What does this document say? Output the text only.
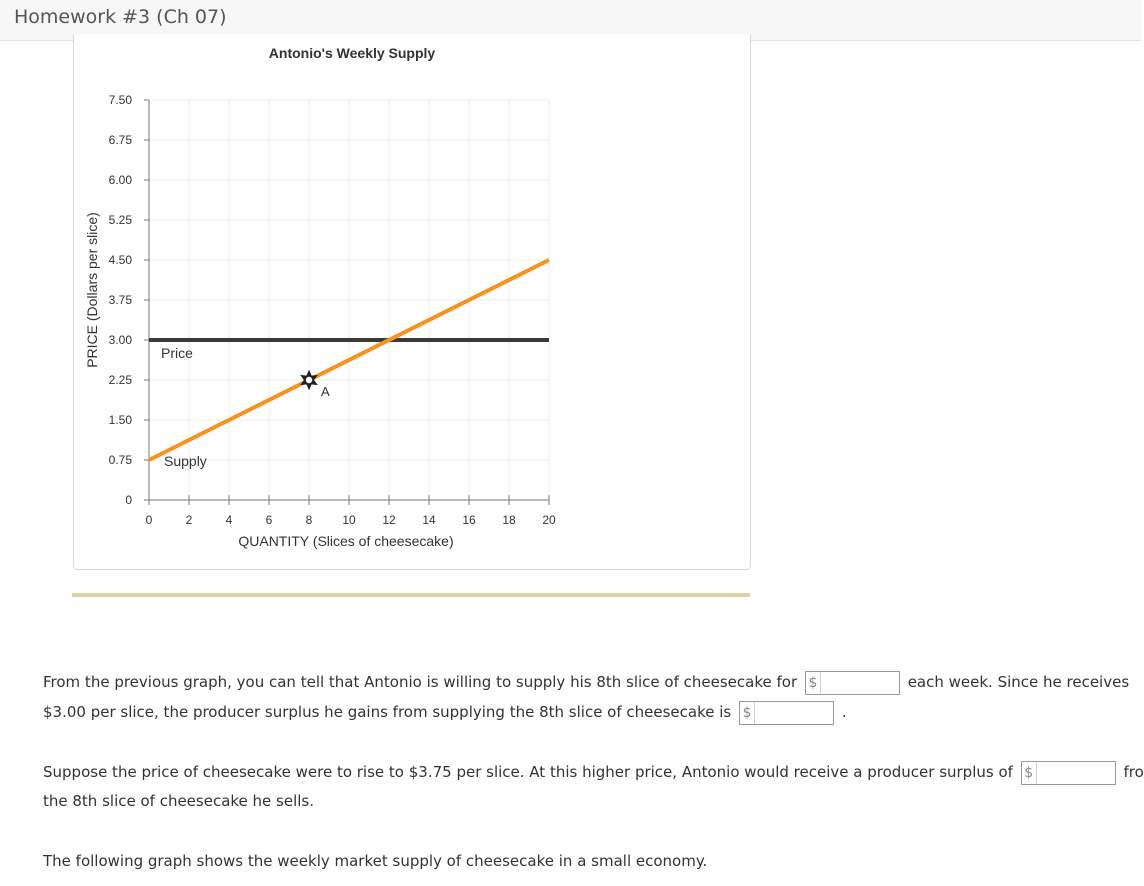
Homework #3 (Ch 07)
Antonio's Weekly Supply
0
0.75
1.50
2.25
3.00
3.75
4.50
5.25
6.00
6.75
7.50
0	2	4	6	8 10 12 14 16 18 20
QUANTITY (Slices of cheesecake)
PRICE (Dollars per slice)
Supply
Price
A
From the previous graph, you can tell that Antonio is willing to supply his 8th slice of cheesecake for $	each week. Since he receives
$3.00 per slice, the producer surplus he gains from supplying the 8th slice of cheesecake is $	.
Suppose the price of cheesecake were to rise to $3.75 per slice. At this higher price, Antonio would receive a producer surplus of $	fro
the 8th slice of cheesecake he sells.
The following graph shows the weekly market supply of cheesecake in a small economy.
